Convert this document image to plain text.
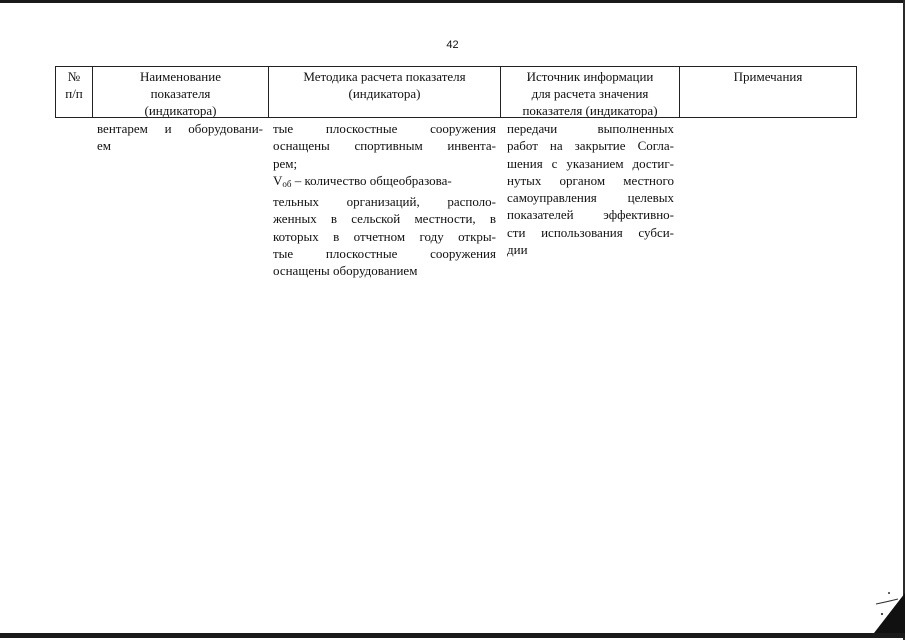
42
№
п/п
Наименование
показателя
(индикатора)
Методика расчета показателя
(индикатора)
Источник информации
для расчета значения
показателя (индикатора)
Примечания
вентарем и оборудовани-
ем
тые плоскостные сооружения
оснащены спортивным инвента-
рем;
$V_{об}$ – количество общеобразова-
тельных организаций, располо-
женных в сельской местности, в
которых в отчетном году откры-
тые плоскостные сооружения
оснащены оборудованием
передачи выполненных
работ на закрытие Согла-
шения с указанием достиг-
нутых органом местного
самоуправления целевых
показателей эффективно-
сти использования субси-
дии
